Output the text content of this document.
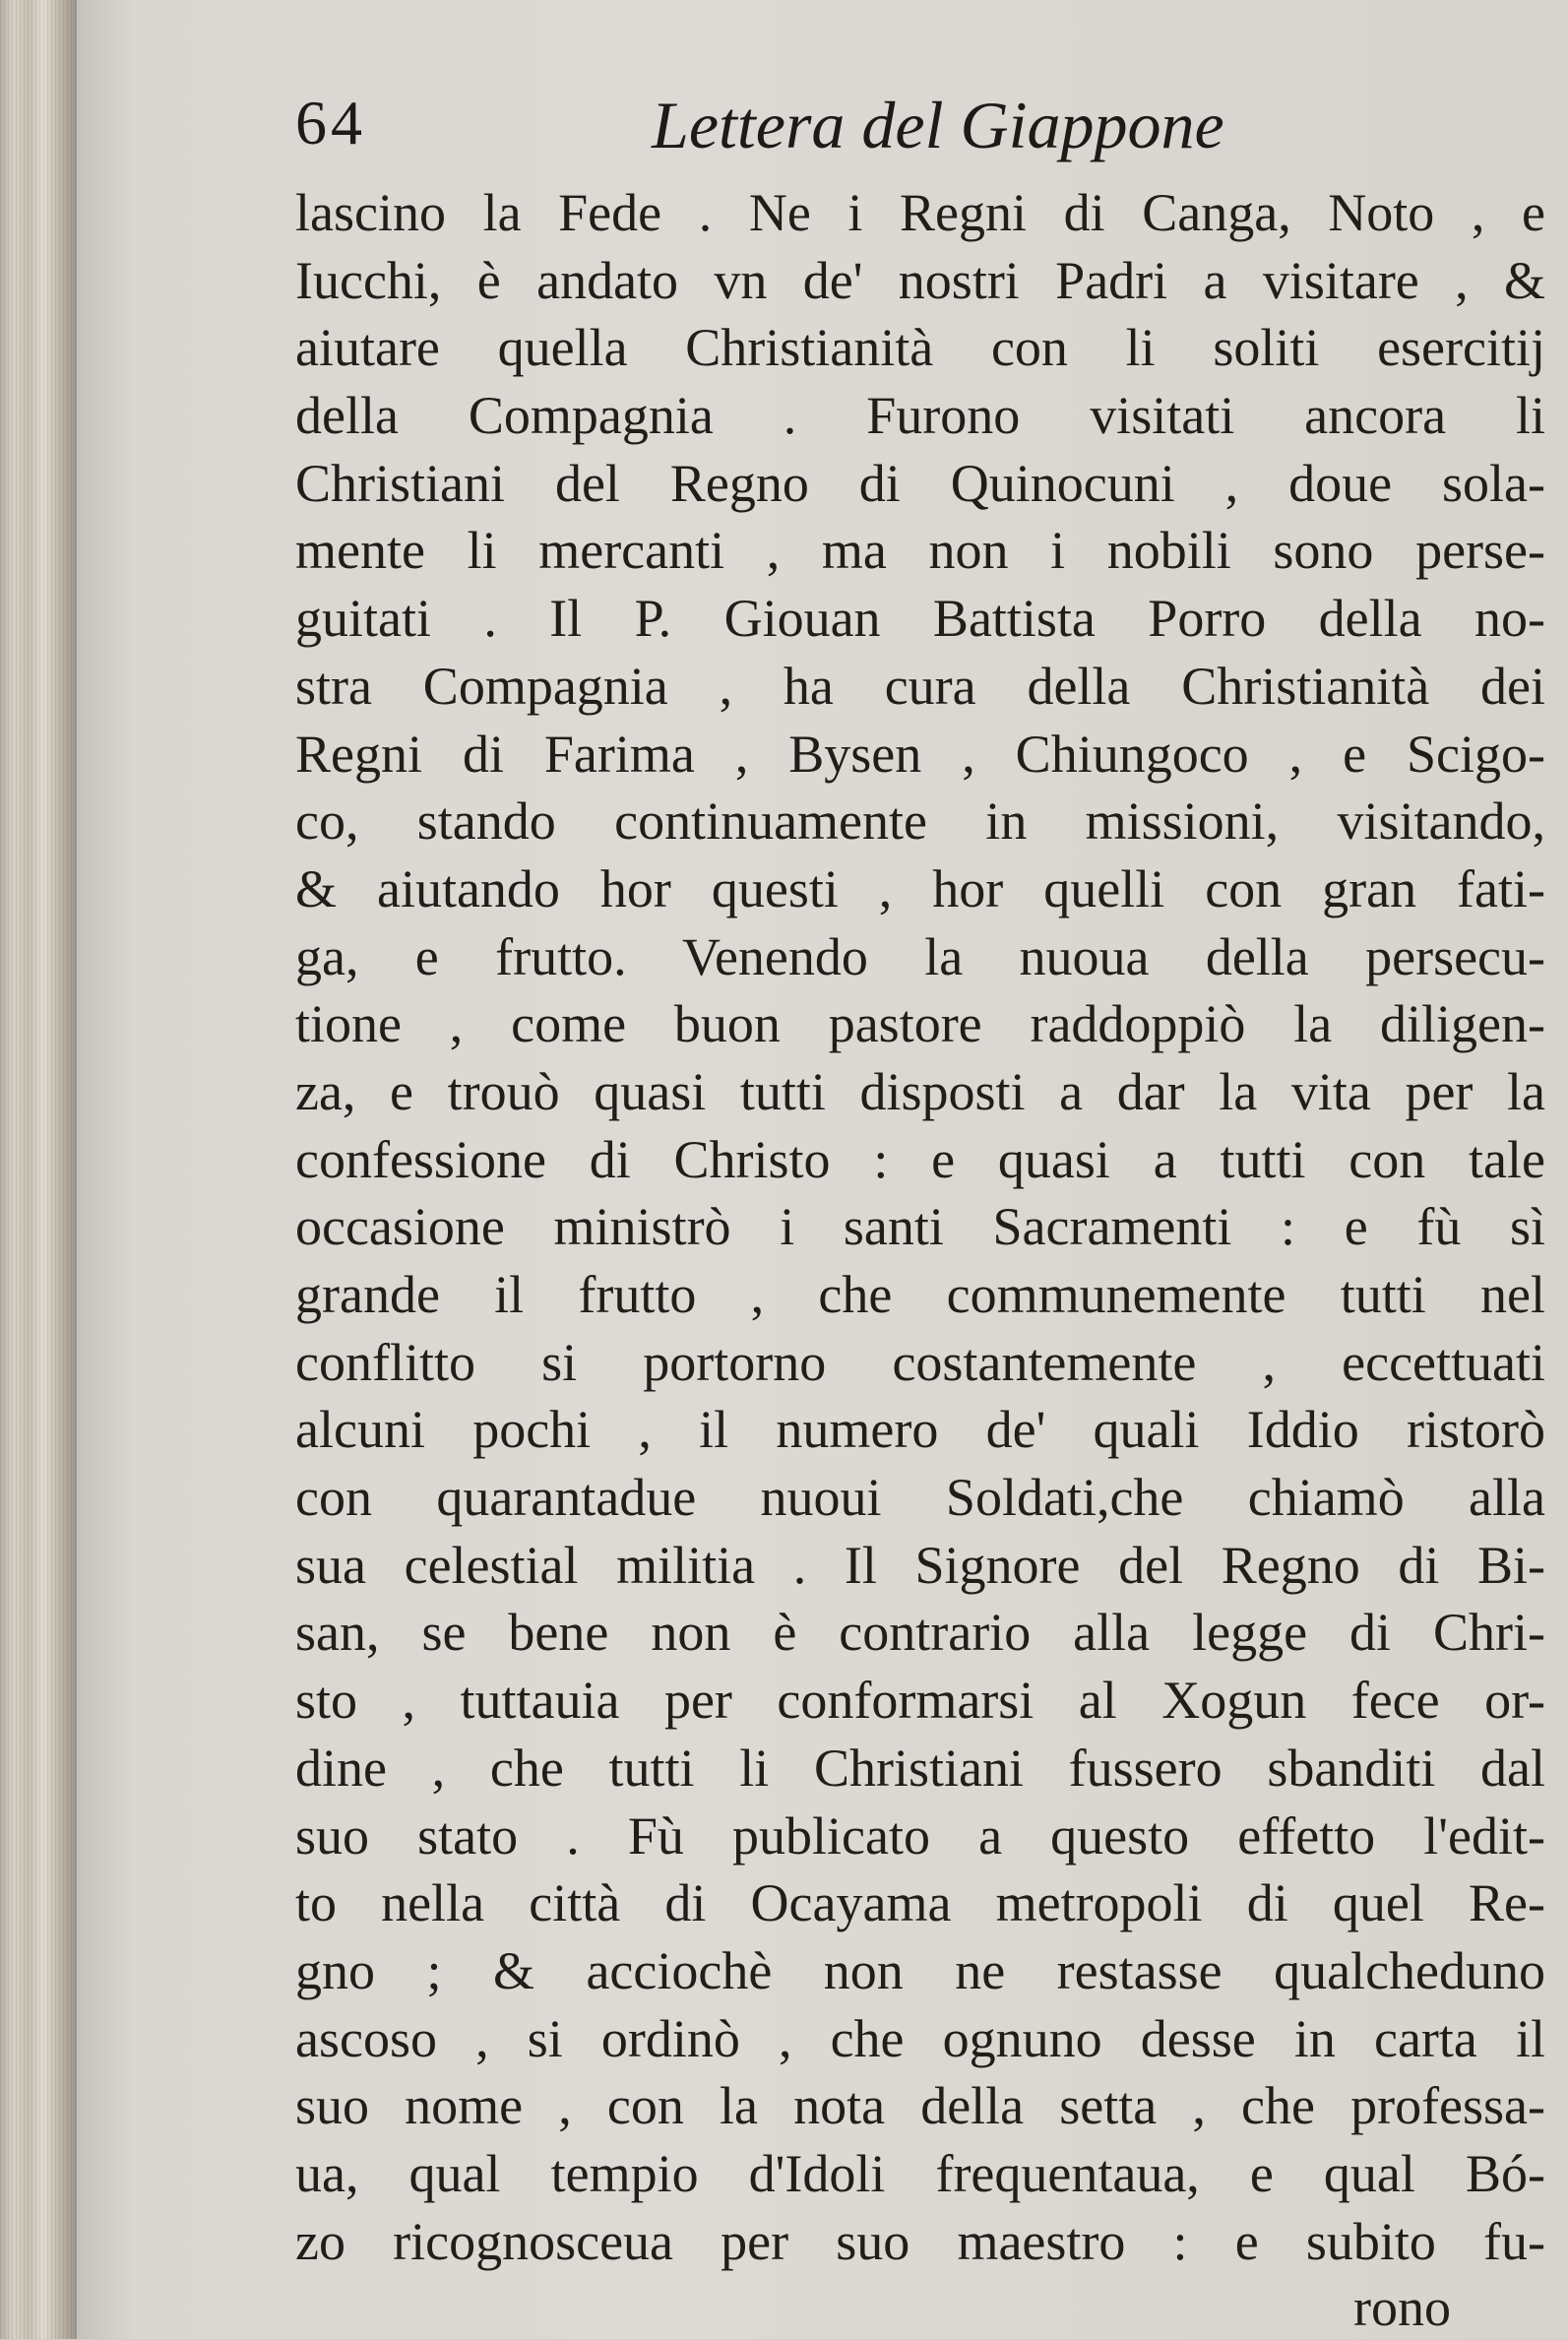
64	Lettera del Giappone
lascino la Fede . Ne i Regni di Canga, Noto , e
Iucchi, è andato vn de' nostri Padri a visitare , &
aiutare quella Christianità con li soliti esercitij
della Compagnia . Furono visitati ancora li
Christiani del Regno di Quinocuni , doue sola-
mente li mercanti , ma non i nobili sono perse-
guitati . Il P. Giouan Battista Porro della no-
stra Compagnia , ha cura della Christianità dei
Regni di Farima , Bysen , Chiungoco , e Scigo-
co, stando continuamente in missioni, visitando,
& aiutando hor questi , hor quelli con gran fati-
ga, e frutto. Venendo la nuoua della persecu-
tione , come buon pastore raddoppiò la diligen-
za, e trouò quasi tutti disposti a dar la vita per la
confessione di Christo : e quasi a tutti con tale
occasione ministrò i santi Sacramenti : e fù sì
grande il frutto , che communemente tutti nel
conflitto si portorno costantemente , eccettuati
alcuni pochi , il numero de' quali Iddio ristorò
con quarantadue nuoui Soldati,che chiamò alla
sua celestial militia . Il Signore del Regno di Bi-
san, se bene non è contrario alla legge di Chri-
sto , tuttauia per conformarsi al Xogun fece or-
dine , che tutti li Christiani fussero sbanditi dal
suo stato . Fù publicato a questo effetto l'edit-
to nella città di Ocayama metropoli di quel Re-
gno ; & acciochè non ne restasse qualcheduno
ascoso , si ordinò , che ognuno desse in carta il
suo nome , con la nota della setta , che professa-
ua, qual tempio d'Idoli frequentaua, e qual Bó-
zo ricognosceua per suo maestro : e subito fu-
rono
